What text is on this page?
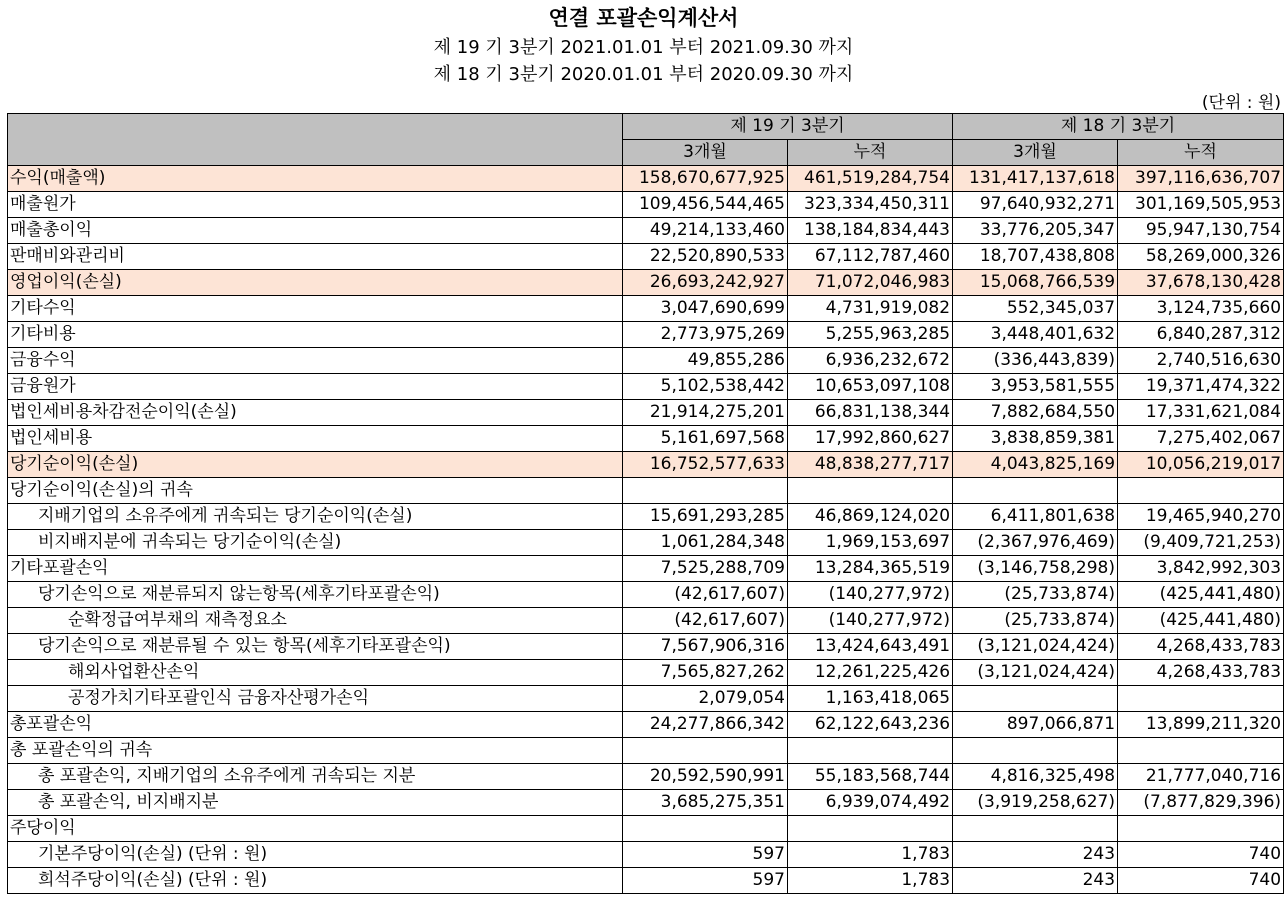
연결 포괄손익계산서
제 19 기 3분기 2021.01.01 부터 2021.09.30 까지
제 18 기 3분기 2020.01.01 부터 2020.09.30 까지
(단위 : 원)
	제 19 기 3분기		제 18 기 3분기	
	3개월	누적	3개월	누적
수익(매출액)	158,670,677,925	461,519,284,754	131,417,137,618	397,116,636,707
매출원가	109,456,544,465	323,334,450,311	97,640,932,271	301,169,505,953
매출총이익	49,214,133,460	138,184,834,443	33,776,205,347	95,947,130,754
판매비와관리비	22,520,890,533	67,112,787,460	18,707,438,808	58,269,000,326
영업이익(손실)	26,693,242,927	71,072,046,983	15,068,766,539	37,678,130,428
기타수익	3,047,690,699	4,731,919,082	552,345,037	3,124,735,660
기타비용	2,773,975,269	5,255,963,285	3,448,401,632	6,840,287,312
금융수익	49,855,286	6,936,232,672	(336,443,839)	2,740,516,630
금융원가	5,102,538,442	10,653,097,108	3,953,581,555	19,371,474,322
법인세비용차감전순이익(손실)	21,914,275,201	66,831,138,344	7,882,684,550	17,331,621,084
법인세비용	5,161,697,568	17,992,860,627	3,838,859,381	7,275,402,067
당기순이익(손실)	16,752,577,633	48,838,277,717	4,043,825,169	10,056,219,017
당기순이익(손실)의 귀속				
지배기업의 소유주에게 귀속되는 당기순이익(손실)	15,691,293,285	46,869,124,020	6,411,801,638	19,465,940,270
비지배지분에 귀속되는 당기순이익(손실)	1,061,284,348	1,969,153,697	(2,367,976,469)	(9,409,721,253)
기타포괄손익	7,525,288,709	13,284,365,519	(3,146,758,298)	3,842,992,303
당기손익으로 재분류되지 않는항목(세후기타포괄손익)	(42,617,607)	(140,277,972)	(25,733,874)	(425,441,480)
순확정급여부채의 재측정요소	(42,617,607)	(140,277,972)	(25,733,874)	(425,441,480)
당기손익으로 재분류될 수 있는 항목(세후기타포괄손익)	7,567,906,316	13,424,643,491	(3,121,024,424)	4,268,433,783
해외사업환산손익	7,565,827,262	12,261,225,426	(3,121,024,424)	4,268,433,783
공정가치기타포괄인식 금융자산평가손익	2,079,054	1,163,418,065		
총포괄손익	24,277,866,342	62,122,643,236	897,066,871	13,899,211,320
총 포괄손익의 귀속				
총 포괄손익, 지배기업의 소유주에게 귀속되는 지분	20,592,590,991	55,183,568,744	4,816,325,498	21,777,040,716
총 포괄손익, 비지배지분	3,685,275,351	6,939,074,492	(3,919,258,627)	(7,877,829,396)
주당이익				
기본주당이익(손실) (단위 : 원)	597	1,783	243	740
희석주당이익(손실) (단위 : 원)	597	1,783	243	740
